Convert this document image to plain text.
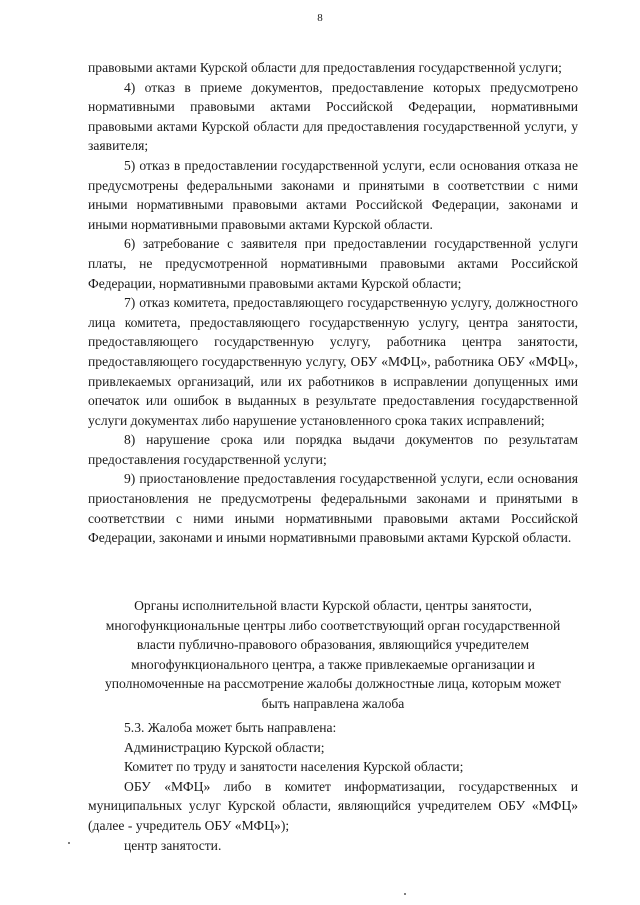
8

правовыми актами Курской области для предоставления государственной услуги;

4) отказ в приеме документов, предоставление которых предусмотрено нормативными правовыми актами Российской Федерации, нормативными правовыми актами Курской области для предоставления государственной услуги, у заявителя;

5) отказ в предоставлении государственной услуги, если основания отказа не предусмотрены федеральными законами и принятыми в соответствии с ними иными нормативными правовыми актами Российской Федерации, законами и иными нормативными правовыми актами Курской области.

6) затребование с заявителя при предоставлении государственной услуги платы, не предусмотренной нормативными правовыми актами Российской Федерации, нормативными правовыми актами Курской области;

7) отказ комитета, предоставляющего государственную услугу, должностного лица комитета, предоставляющего государственную услугу, центра занятости, предоставляющего государственную услугу, работника центра занятости, предоставляющего государственную услугу, ОБУ «МФЦ», работника ОБУ «МФЦ», привлекаемых организаций, или их работников в исправлении допущенных ими опечаток или ошибок в выданных в результате предоставления государственной услуги документах либо нарушение установленного срока таких исправлений;

8) нарушение срока или порядка выдачи документов по результатам предоставления государственной услуги;

9) приостановление предоставления государственной услуги, если основания приостановления не предусмотрены федеральными законами и принятыми в соответствии с ними иными нормативными правовыми актами Российской Федерации, законами и иными нормативными правовыми актами Курской области.

Органы исполнительной власти Курской области, центры занятости, многофункциональные центры либо соответствующий орган государственной власти публично-правового образования, являющийся учредителем многофункционального центра, а также привлекаемые организации и уполномоченные на рассмотрение жалобы должностные лица, которым может быть направлена жалоба

5.3. Жалоба может быть направлена:

Администрацию Курской области;

Комитет по труду и занятости населения Курской области;

ОБУ «МФЦ» либо в комитет информатизации, государственных и муниципальных услуг Курской области, являющийся учредителем ОБУ «МФЦ» (далее - учредитель ОБУ «МФЦ»);

центр занятости.
